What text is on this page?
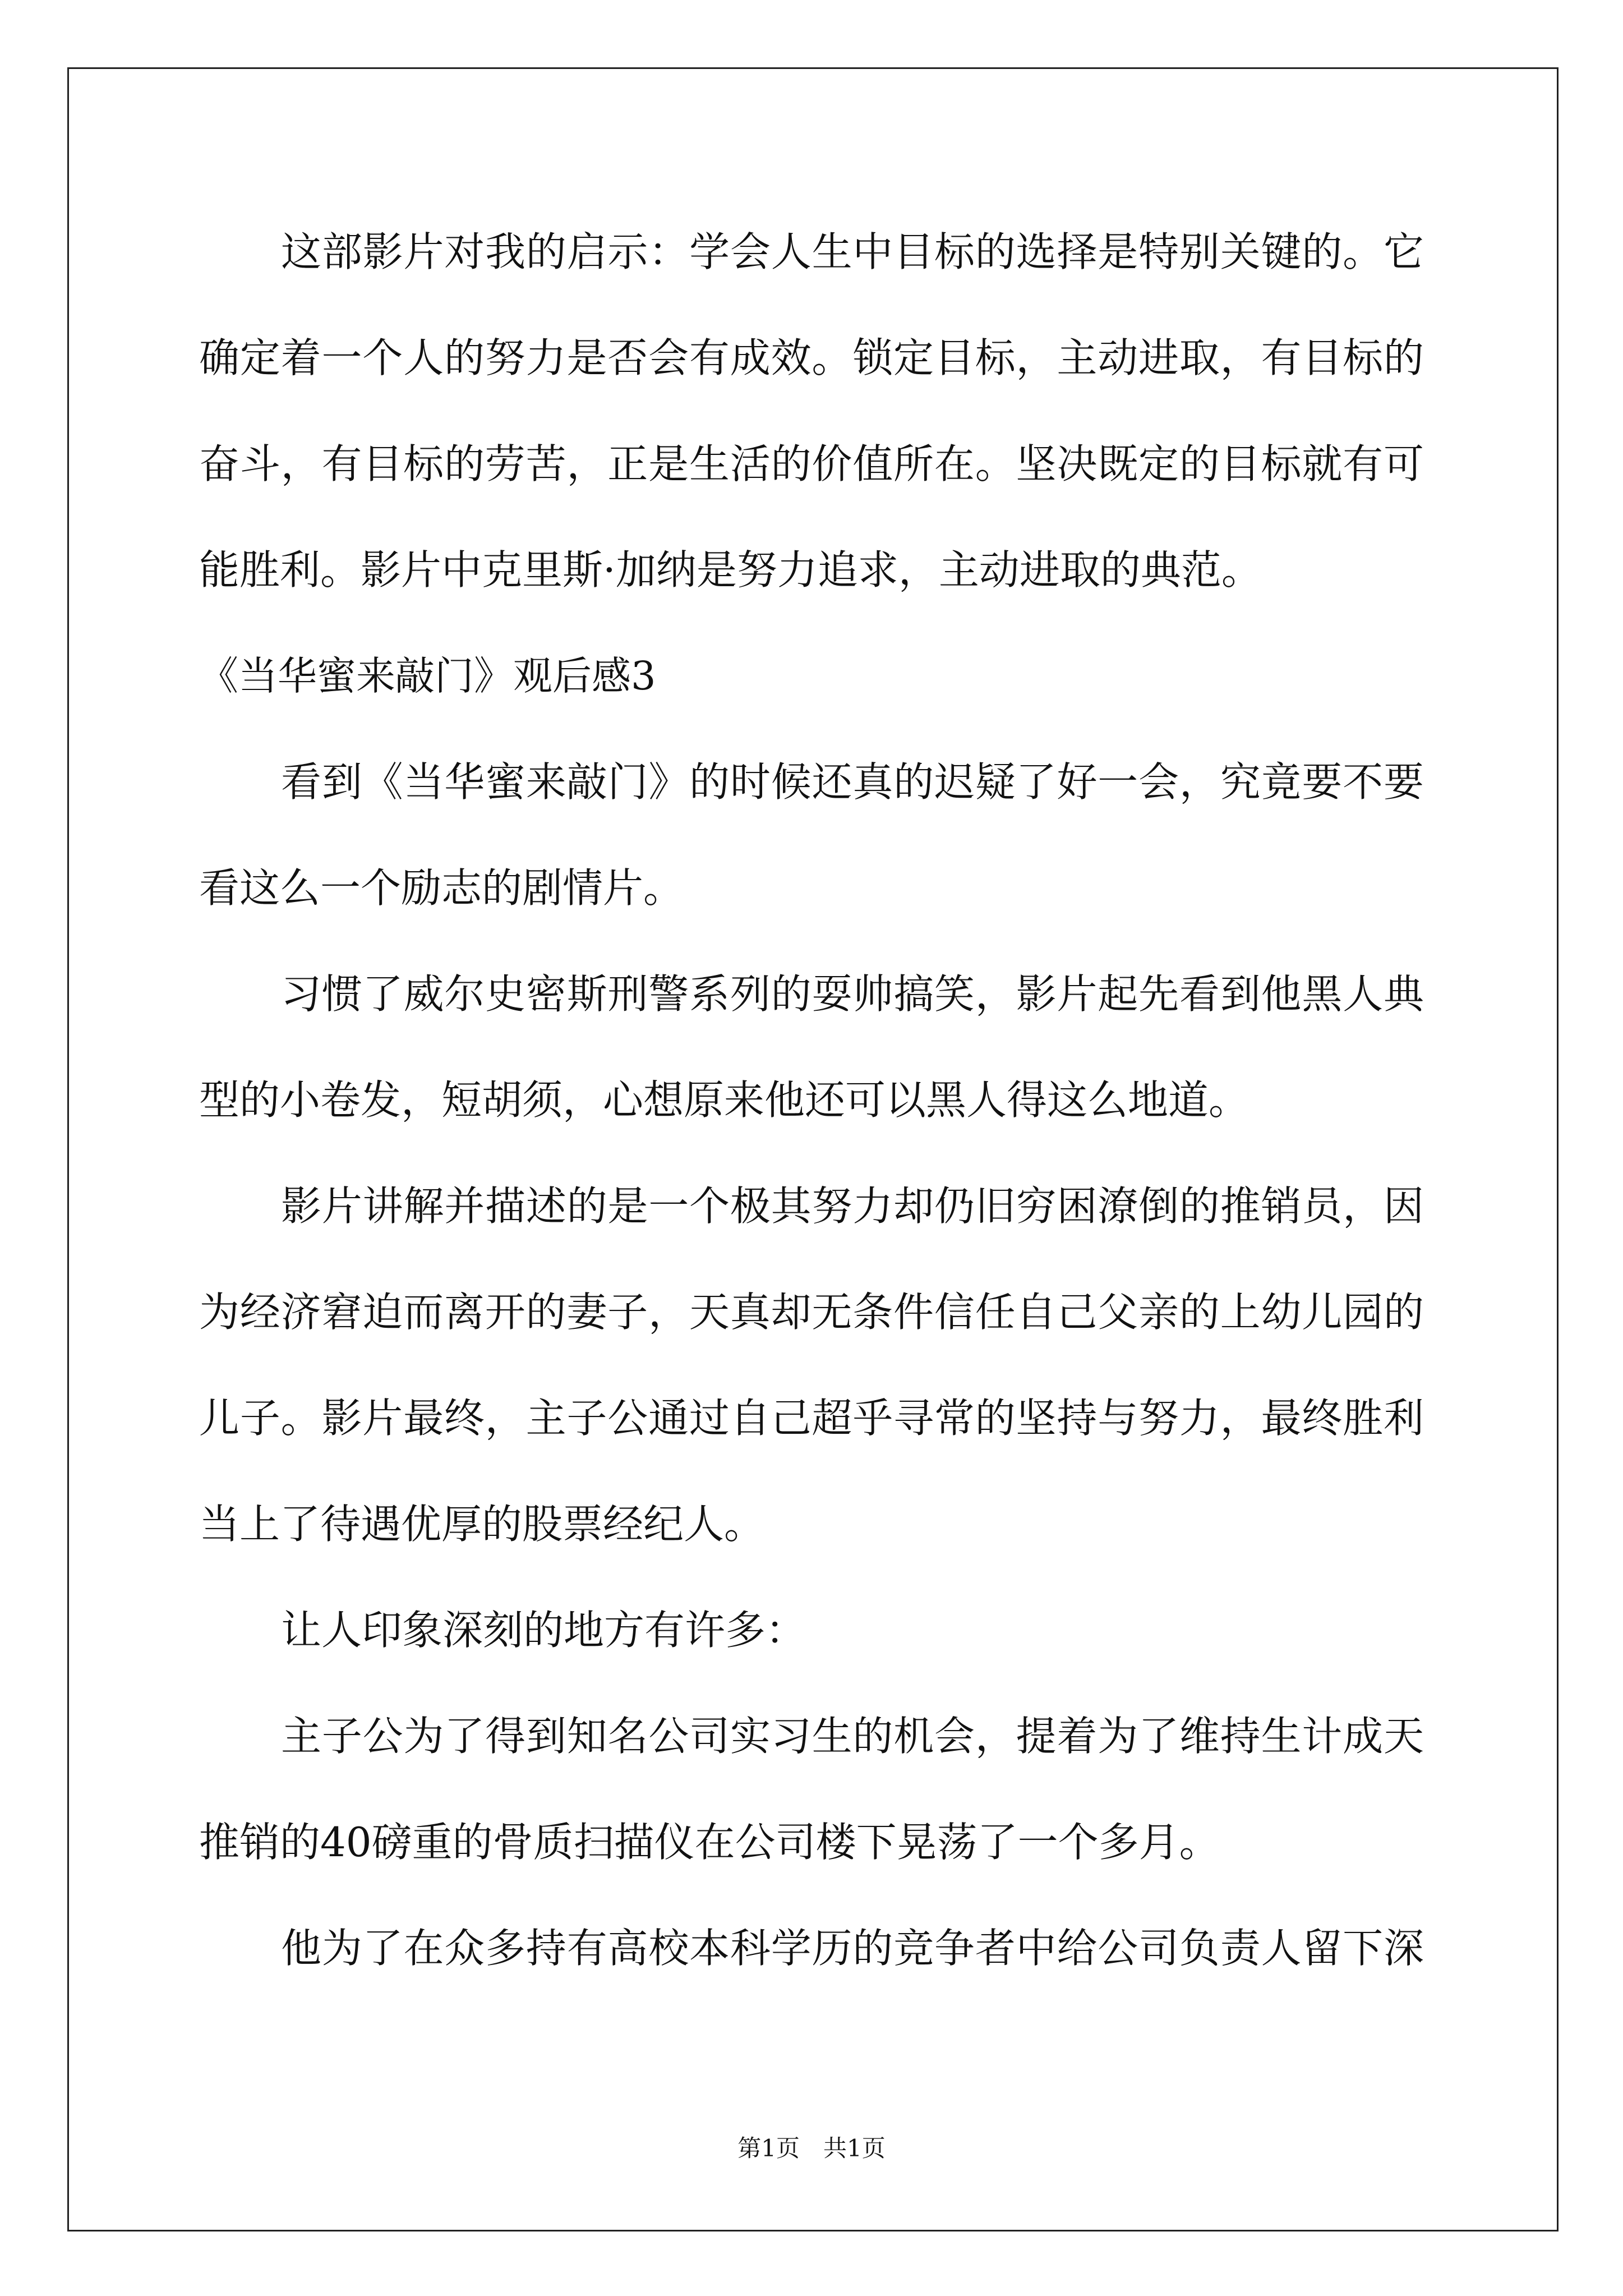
这部影片对我的启示：学会人生中目标的选择是特别关键的。它
确定着一个人的努力是否会有成效。锁定目标，主动进取，有目标的
奋斗，有目标的劳苦，正是生活的价值所在。坚决既定的目标就有可
能胜利。影片中克里斯·加纳是努力追求，主动进取的典范。
《当华蜜来敲门》观后感3
看到《当华蜜来敲门》的时候还真的迟疑了好一会，究竟要不要
看这么一个励志的剧情片。
习惯了威尔史密斯刑警系列的耍帅搞笑，影片起先看到他黑人典
型的小卷发，短胡须，心想原来他还可以黑人得这么地道。
影片讲解并描述的是一个极其努力却仍旧穷困潦倒的推销员，因
为经济窘迫而离开的妻子，天真却无条件信任自己父亲的上幼儿园的
儿子。影片最终，主子公通过自己超乎寻常的坚持与努力，最终胜利
当上了待遇优厚的股票经纪人。
让人印象深刻的地方有许多：
主子公为了得到知名公司实习生的机会，提着为了维持生计成天
推销的40磅重的骨质扫描仪在公司楼下晃荡了一个多月。
他为了在众多持有高校本科学历的竞争者中给公司负责人留下深
第1页　共1页
